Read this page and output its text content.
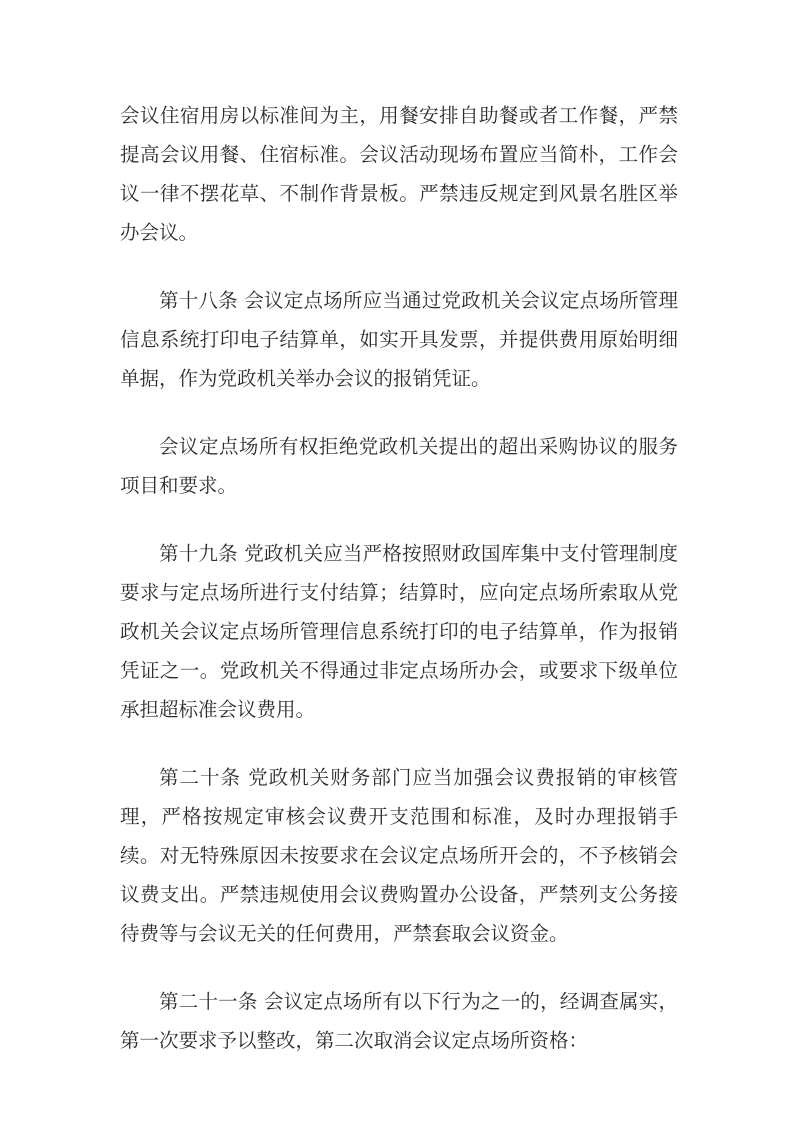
会议住宿用房以标准间为主，用餐安排自助餐或者工作餐，严禁提高会议用餐、住宿标准。会议活动现场布置应当简朴，工作会议一律不摆花草、不制作背景板。严禁违反规定到风景名胜区举办会议。

第十八条 会议定点场所应当通过党政机关会议定点场所管理信息系统打印电子结算单，如实开具发票，并提供费用原始明细单据，作为党政机关举办会议的报销凭证。

会议定点场所有权拒绝党政机关提出的超出采购协议的服务项目和要求。

第十九条 党政机关应当严格按照财政国库集中支付管理制度要求与定点场所进行支付结算；结算时，应向定点场所索取从党政机关会议定点场所管理信息系统打印的电子结算单，作为报销凭证之一。党政机关不得通过非定点场所办会，或要求下级单位承担超标准会议费用。

第二十条 党政机关财务部门应当加强会议费报销的审核管理，严格按规定审核会议费开支范围和标准，及时办理报销手续。对无特殊原因未按要求在会议定点场所开会的，不予核销会议费支出。严禁违规使用会议费购置办公设备，严禁列支公务接待费等与会议无关的任何费用，严禁套取会议资金。

第二十一条 会议定点场所有以下行为之一的，经调查属实，第一次要求予以整改，第二次取消会议定点场所资格：
